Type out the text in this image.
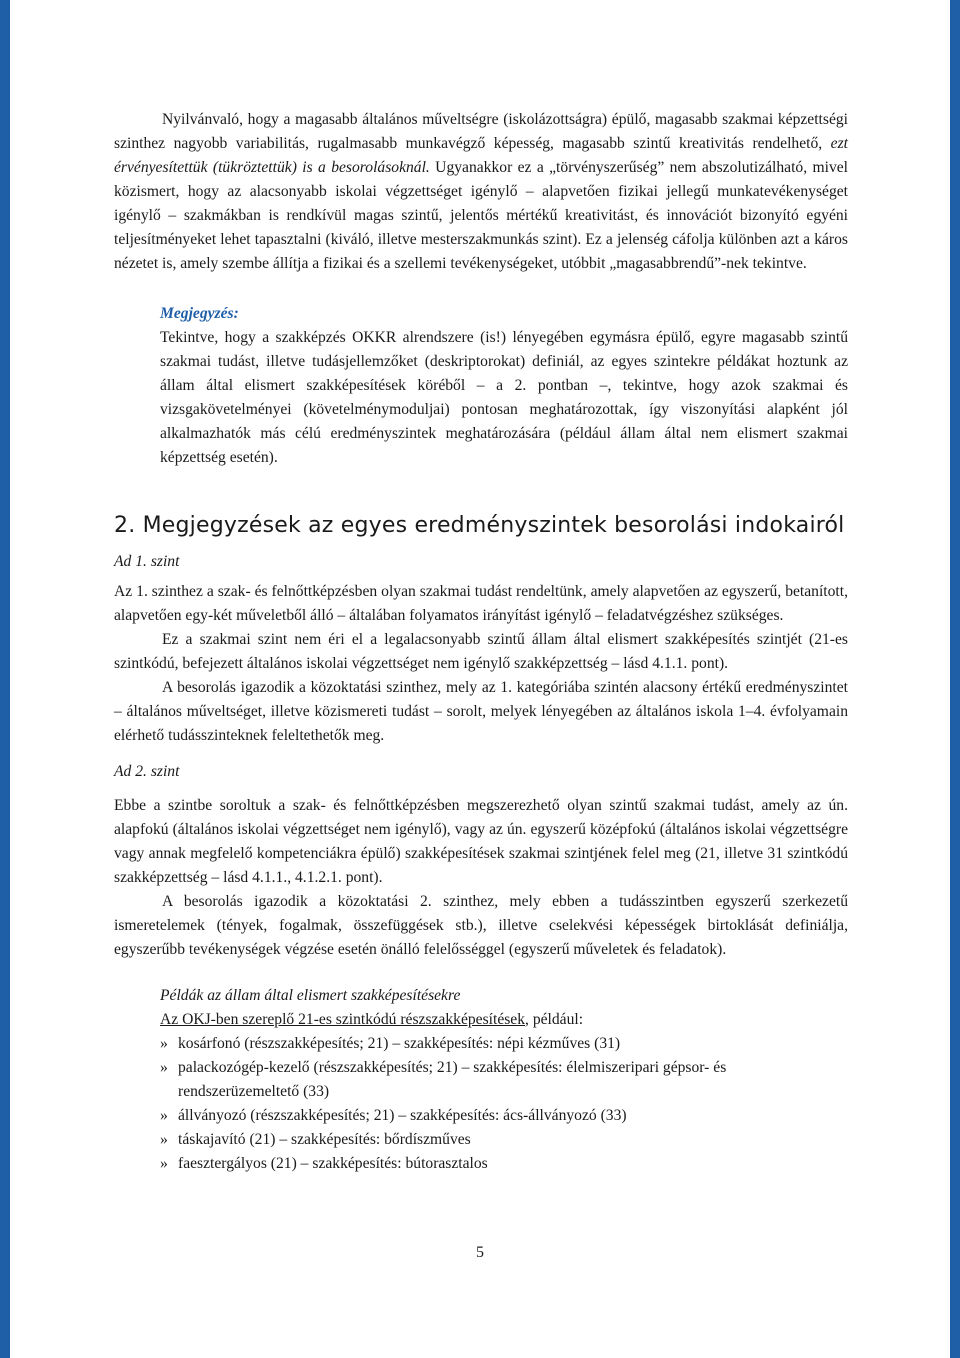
Nyilvánvaló, hogy a magasabb általános műveltségre (iskolázottságra) épülő, magasabb szakmai képzettségi szinthez nagyobb variabilitás, rugalmasabb munkavégző képesség, magasabb szintű kreativitás rendelhető, ezt érvényesítettük (tükröztettük) is a besorolásoknál. Ugyanakkor ez a „törvényszerűség” nem abszolutizálható, mivel közismert, hogy az alacsonyabb iskolai végzettséget igénylő – alapvetően fizikai jellegű munkatevékenységet igénylő – szakmákban is rendkívül magas szintű, jelentős mértékű kreativitást, és innovációt bizonyító egyéni teljesítményeket lehet tapasztalni (kiváló, illetve mesterszakmunkás szint). Ez a jelenség cáfolja különben azt a káros nézetet is, amely szembe állítja a fizikai és a szellemi tevékenységeket, utóbbit „magasabbrendű”-nek tekintve.

Megjegyzés:

Tekintve, hogy a szakképzés OKKR alrendszere (is!) lényegében egymásra épülő, egyre magasabb szintű szakmai tudást, illetve tudásjellemzőket (deskriptorokat) definiál, az egyes szintekre példákat hoztunk az állam által elismert szakképesítések köréből – a 2. pontban –, tekintve, hogy azok szakmai és vizsgakövetelményei (követelménymoduljai) pontosan meghatározottak, így viszonyítási alapként jól alkalmazhatók más célú eredményszintek meghatározására (például állam által nem elismert szakmai képzettség esetén).

2. Megjegyzések az egyes eredményszintek besorolási indokairól

Ad 1. szint

Az 1. szinthez a szak- és felnőttképzésben olyan szakmai tudást rendeltünk, amely alapvetően az egyszerű, betanított, alapvetően egy-két műveletből álló – általában folyamatos irányítást igénylő – feladatvégzéshez szükséges.

Ez a szakmai szint nem éri el a legalacsonyabb szintű állam által elismert szakképesítés szintjét (21-es szintkódú, befejezett általános iskolai végzettséget nem igénylő szakképzettség – lásd 4.1.1. pont).

A besorolás igazodik a közoktatási szinthez, mely az 1. kategóriába szintén alacsony értékű eredményszintet – általános műveltséget, illetve közismereti tudást – sorolt, melyek lényegében az általános iskola 1–4. évfolyamain elérhető tudásszinteknek feleltethetők meg.

Ad 2. szint

Ebbe a szintbe soroltuk a szak- és felnőttképzésben megszerezhető olyan szintű szakmai tudást, amely az ún. alapfokú (általános iskolai végzettséget nem igénylő), vagy az ún. egyszerű középfokú (általános iskolai végzettségre vagy annak megfelelő kompetenciákra épülő) szakképesítések szakmai szintjének felel meg (21, illetve 31 szintkódú szakképzettség – lásd 4.1.1., 4.1.2.1. pont).

A besorolás igazodik a közoktatási 2. szinthez, mely ebben a tudásszintben egyszerű szerkezetű ismeretelemek (tények, fogalmak, összefüggések stb.), illetve cselekvési képességek birtoklását definiálja, egyszerűbb tevékenységek végzése esetén önálló felelősséggel (egyszerű műveletek és feladatok).

Példák az állam által elismert szakképesítésekre

Az OKJ-ben szereplő 21-es szintkódú részszakképesítések, például:

» kosárfonó (részszakképesítés; 21) – szakképesítés: népi kézműves (31)
» palackozógép-kezelő (részszakképesítés; 21) – szakképesítés: élelmiszeripari gépsor- és rendszerüzemeltető (33)
» állványozó (részszakképesítés; 21) – szakképesítés: ács-állványozó (33)
» táskajavító (21) – szakképesítés: bőrdíszműves
» faesztergályos (21) – szakképesítés: bútorasztalos
5
